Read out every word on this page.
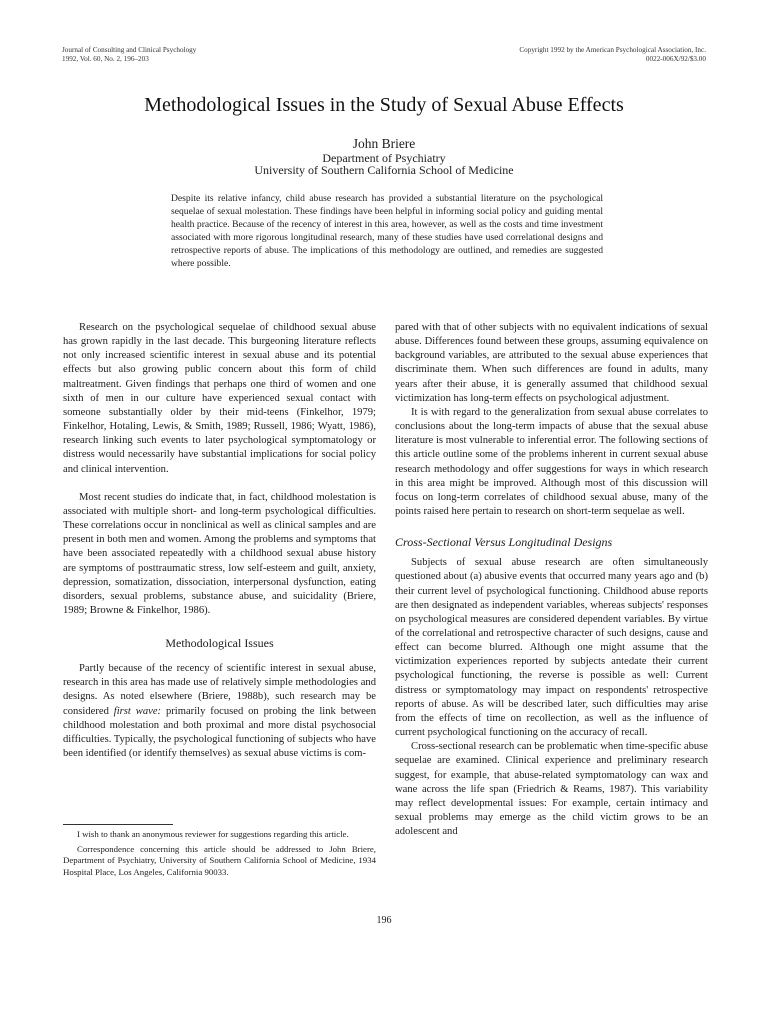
Journal of Consulting and Clinical Psychology
1992, Vol. 60, No. 2, 196–203
Copyright 1992 by the American Psychological Association, Inc.
0022-006X/92/$3.00
Methodological Issues in the Study of Sexual Abuse Effects
John Briere
Department of Psychiatry
University of Southern California School of Medicine

Despite its relative infancy, child abuse research has provided a substantial literature on the psychological sequelae of sexual molestation. These findings have been helpful in informing social policy and guiding mental health practice. Because of the recency of interest in this area, however, as well as the costs and time investment associated with more rigorous longitudinal research, many of these studies have used correlational designs and retrospective reports of abuse. The implications of this methodology are outlined, and remedies are suggested where possible.

Research on the psychological sequelae of childhood sexual abuse has grown rapidly in the last decade. This burgeoning literature reflects not only increased scientific interest in sexual abuse and its potential effects but also growing public concern about this form of child maltreatment. Given findings that perhaps one third of women and one sixth of men in our culture have experienced sexual contact with someone substantially older by their mid-teens (Finkelhor, 1979; Finkelhor, Hotaling, Lewis, & Smith, 1989; Russell, 1986; Wyatt, 1986), research linking such events to later psychological symptomatology or distress would necessarily have substantial implications for social policy and clinical intervention.

Most recent studies do indicate that, in fact, childhood molestation is associated with multiple short- and long-term psychological difficulties. These correlations occur in nonclinical as well as clinical samples and are present in both men and women. Among the problems and symptoms that have been associated repeatedly with a childhood sexual abuse history are symptoms of posttraumatic stress, low self-esteem and guilt, anxiety, depression, somatization, dissociation, interpersonal dysfunction, eating disorders, sexual problems, substance abuse, and suicidality (Briere, 1989; Browne & Finkelhor, 1986).

Methodological Issues

Partly because of the recency of scientific interest in sexual abuse, research in this area has made use of relatively simple methodologies and designs. As noted elsewhere (Briere, 1988b), such research may be considered first wave: primarily focused on probing the link between childhood molestation and both proximal and more distal psychosocial difficulties. Typically, the psychological functioning of subjects who have been identified (or identify themselves) as sexual abuse victims is com-

I wish to thank an anonymous reviewer for suggestions regarding this article.

Correspondence concerning this article should be addressed to John Briere, Department of Psychiatry, University of Southern California School of Medicine, 1934 Hospital Place, Los Angeles, California 90033.

pared with that of other subjects with no equivalent indications of sexual abuse. Differences found between these groups, assuming equivalence on background variables, are attributed to the sexual abuse experiences that discriminate them. When such differences are found in adults, many years after their abuse, it is generally assumed that childhood sexual victimization has long-term effects on psychological adjustment.

It is with regard to the generalization from sexual abuse correlates to conclusions about the long-term impacts of abuse that the sexual abuse literature is most vulnerable to inferential error. The following sections of this article outline some of the problems inherent in current sexual abuse research methodology and offer suggestions for ways in which research in this area might be improved. Although most of this discussion will focus on long-term correlates of childhood sexual abuse, many of the points raised here pertain to research on short-term sequelae as well.

Cross-Sectional Versus Longitudinal Designs

Subjects of sexual abuse research are often simultaneously questioned about (a) abusive events that occurred many years ago and (b) their current level of psychological functioning. Childhood abuse reports are then designated as independent variables, whereas subjects' responses on psychological measures are considered dependent variables. By virtue of the correlational and retrospective character of such designs, cause and effect can become blurred. Although one might assume that the victimization experiences reported by subjects antedate their current psychological functioning, the reverse is possible as well: Current distress or symptomatology may impact on respondents' retrospective reports of abuse. As will be described later, such difficulties may arise from the effects of time on recollection, as well as the influence of current psychological functioning on the accuracy of recall.

Cross-sectional research can be problematic when time-specific abuse sequelae are examined. Clinical experience and preliminary research suggest, for example, that abuse-related symptomatology can wax and wane across the life span (Friedrich & Reams, 1987). This variability may reflect developmental issues: For example, certain intimacy and sexual problems may emerge as the child victim grows to be an adolescent and

196
